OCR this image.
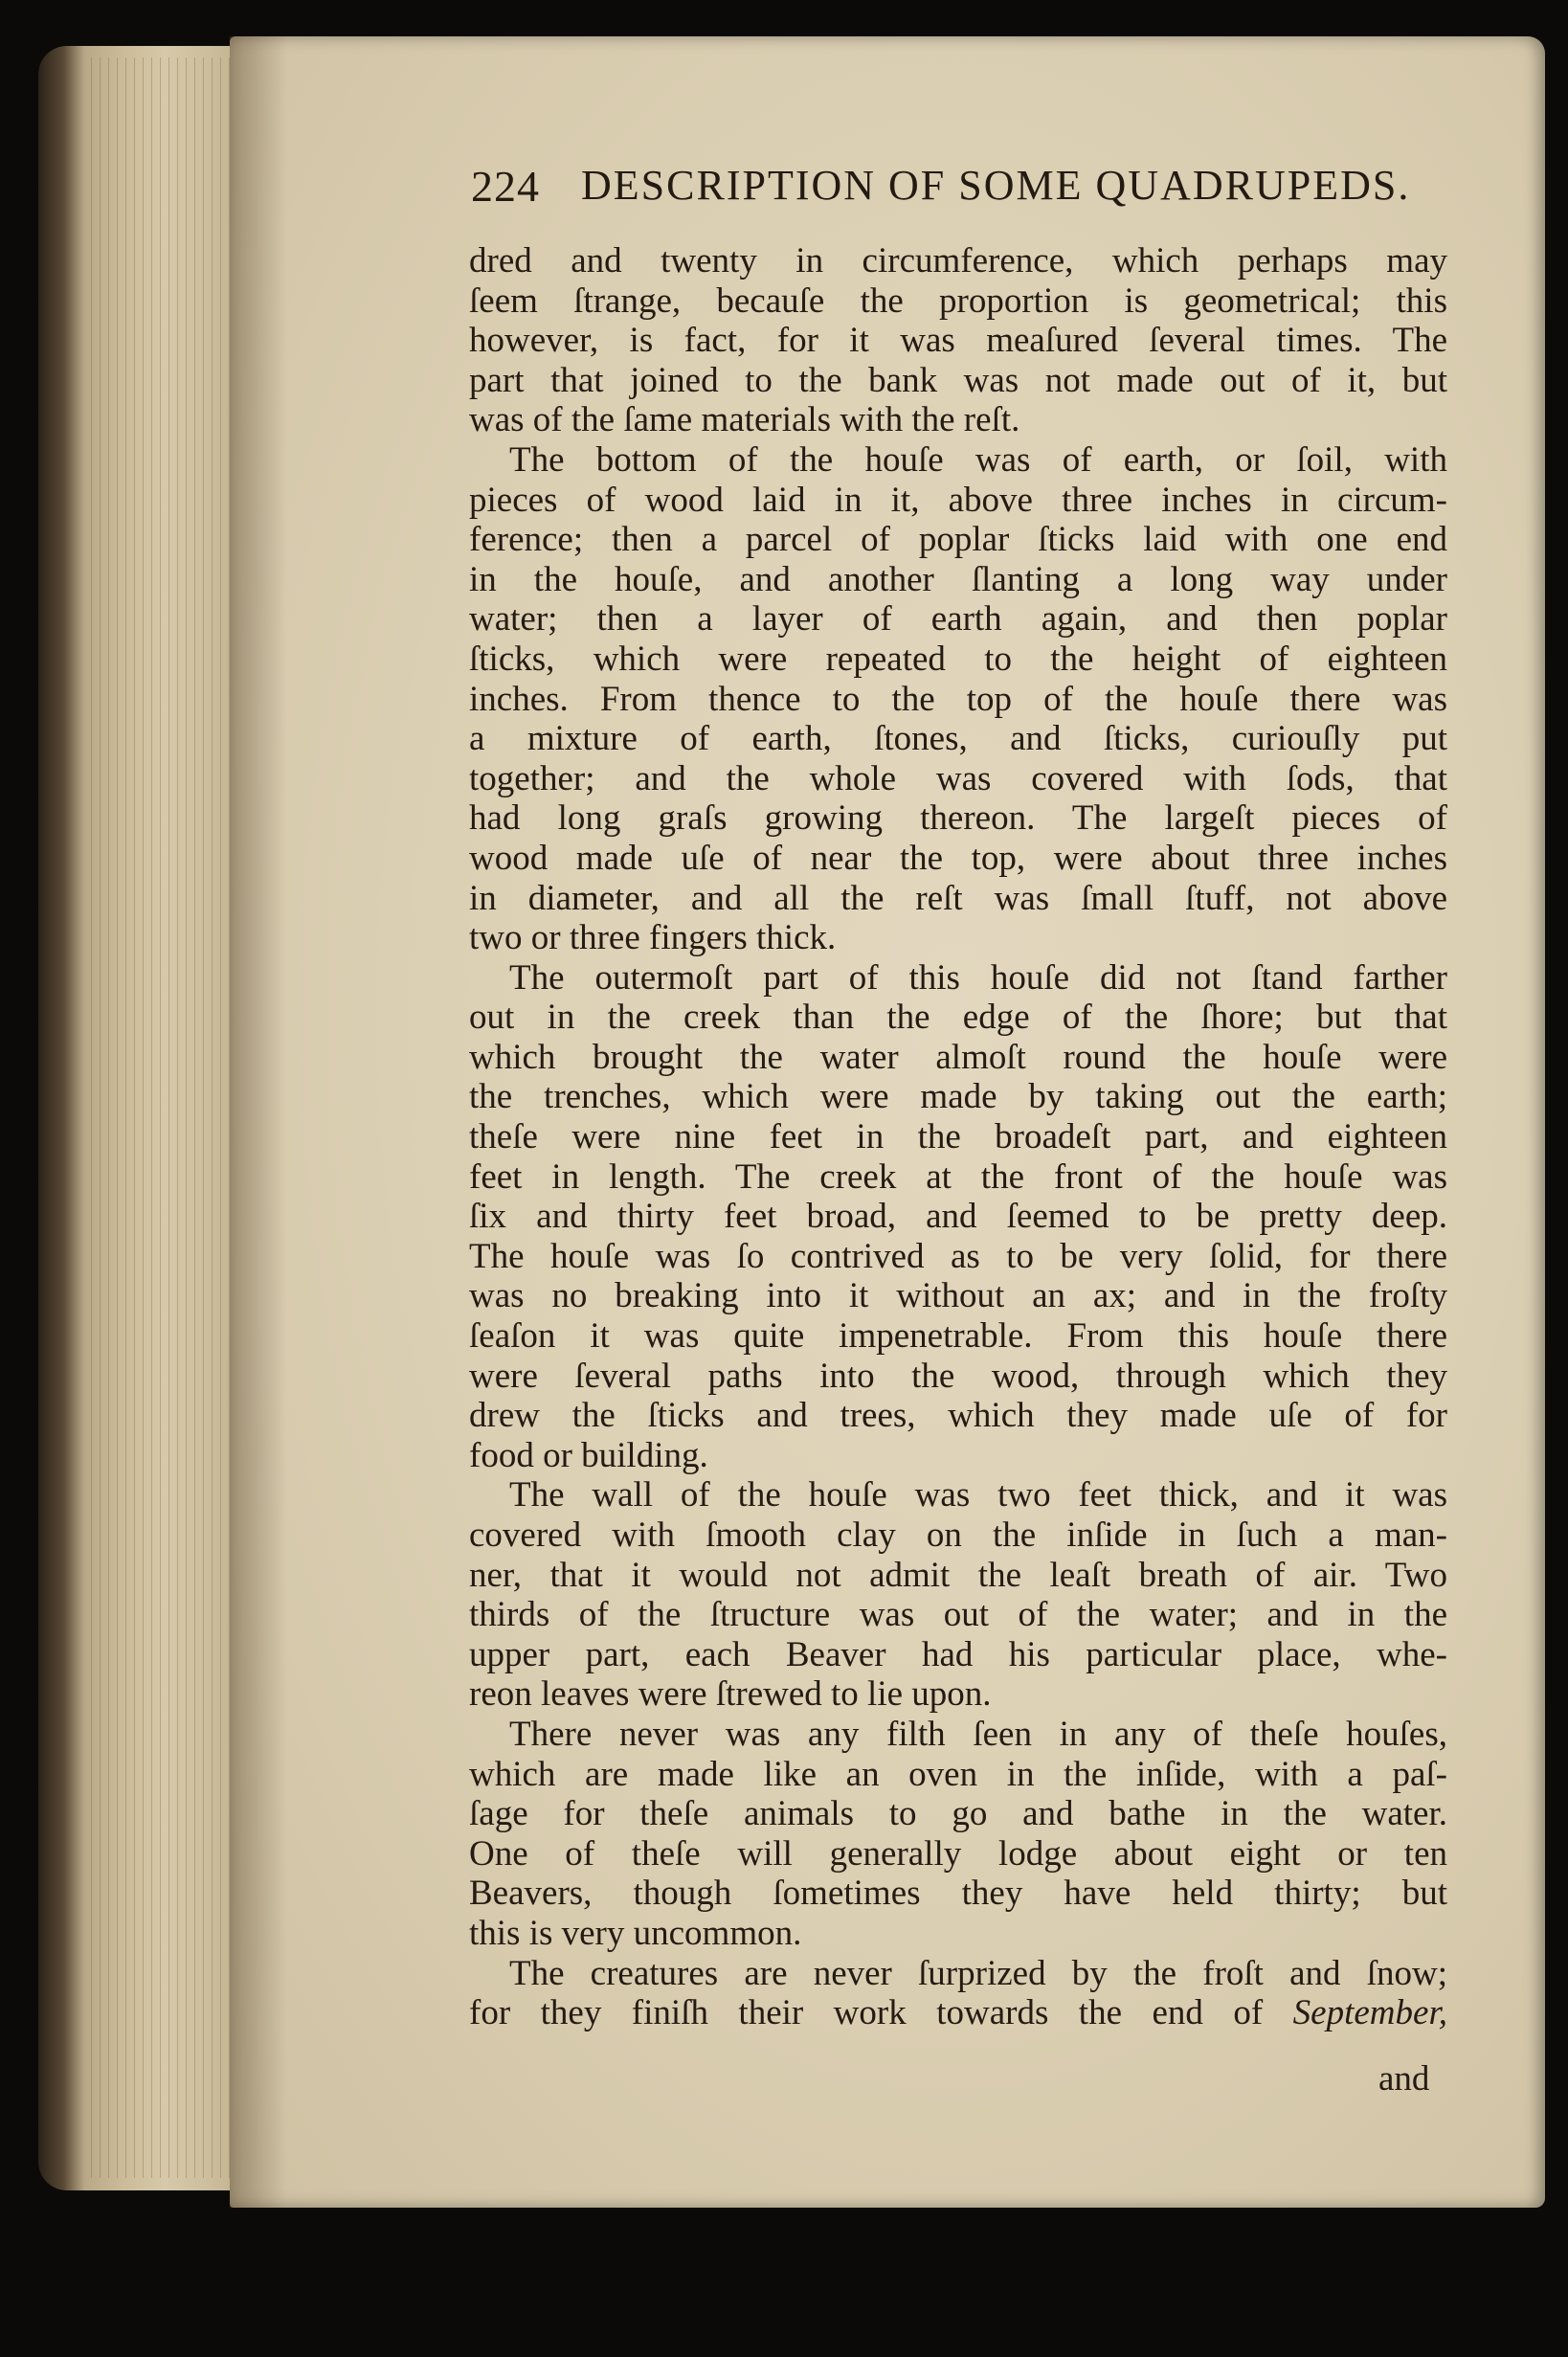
224 DESCRIPTION OF SOME QUADRUPEDS.
dred and twenty in circumference, which perhaps may
ſeem ſtrange, becauſe the proportion is geometrical; this
however, is fact, for it was meaſured ſeveral times. The
part that joined to the bank was not made out of it, but
was of the ſame materials with the reſt.
The bottom of the houſe was of earth, or ſoil, with
pieces of wood laid in it, above three inches in circum-
ference; then a parcel of poplar ſticks laid with one end
in the houſe, and another ſlanting a long way under
water; then a layer of earth again, and then poplar
ſticks, which were repeated to the height of eighteen
inches. From thence to the top of the houſe there was
a mixture of earth, ſtones, and ſticks, curiouſly put
together; and the whole was covered with ſods, that
had long graſs growing thereon. The largeſt pieces of
wood made uſe of near the top, were about three inches
in diameter, and all the reſt was ſmall ſtuff, not above
two or three fingers thick.
The outermoſt part of this houſe did not ſtand farther
out in the creek than the edge of the ſhore; but that
which brought the water almoſt round the houſe were
the trenches, which were made by taking out the earth;
theſe were nine feet in the broadeſt part, and eighteen
feet in length. The creek at the front of the houſe was
ſix and thirty feet broad, and ſeemed to be pretty deep.
The houſe was ſo contrived as to be very ſolid, for there
was no breaking into it without an ax; and in the froſty
ſeaſon it was quite impenetrable. From this houſe there
were ſeveral paths into the wood, through which they
drew the ſticks and trees, which they made uſe of for
food or building.
The wall of the houſe was two feet thick, and it was
covered with ſmooth clay on the inſide in ſuch a man-
ner, that it would not admit the leaſt breath of air. Two
thirds of the ſtructure was out of the water; and in the
upper part, each Beaver had his particular place, whe-
reon leaves were ſtrewed to lie upon.
There never was any filth ſeen in any of theſe houſes,
which are made like an oven in the inſide, with a paſ-
ſage for theſe animals to go and bathe in the water.
One of theſe will generally lodge about eight or ten
Beavers, though ſometimes they have held thirty; but
this is very uncommon.
The creatures are never ſurprized by the froſt and ſnow;
for they finiſh their work towards the end of September,
and
